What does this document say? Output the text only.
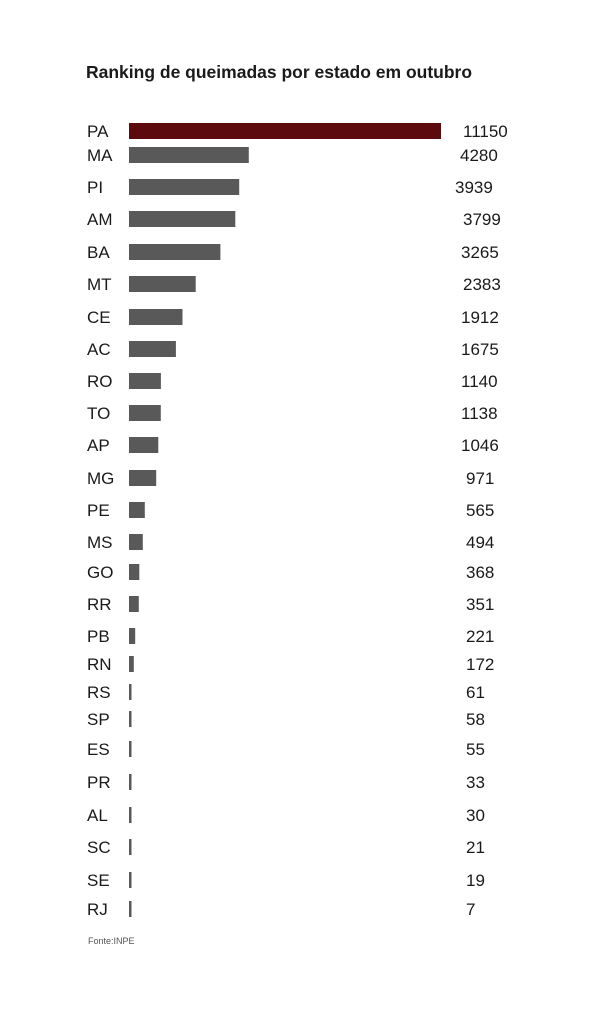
Ranking de queimadas por estado em outubro
PA	11150
MA	4280
PI	3939
AM	3799
BA	3265
MT	2383
CE	1912
AC	1675
RO	1140
TO	1138
AP	1046
MG	971
PE	565
MS	494
GO	368
RR	351
PB	221
RN	172
RS	61
SP	58
ES	55
PR	33
AL	30
SC	21
SE	19
RJ	7
Fonte:INPE
